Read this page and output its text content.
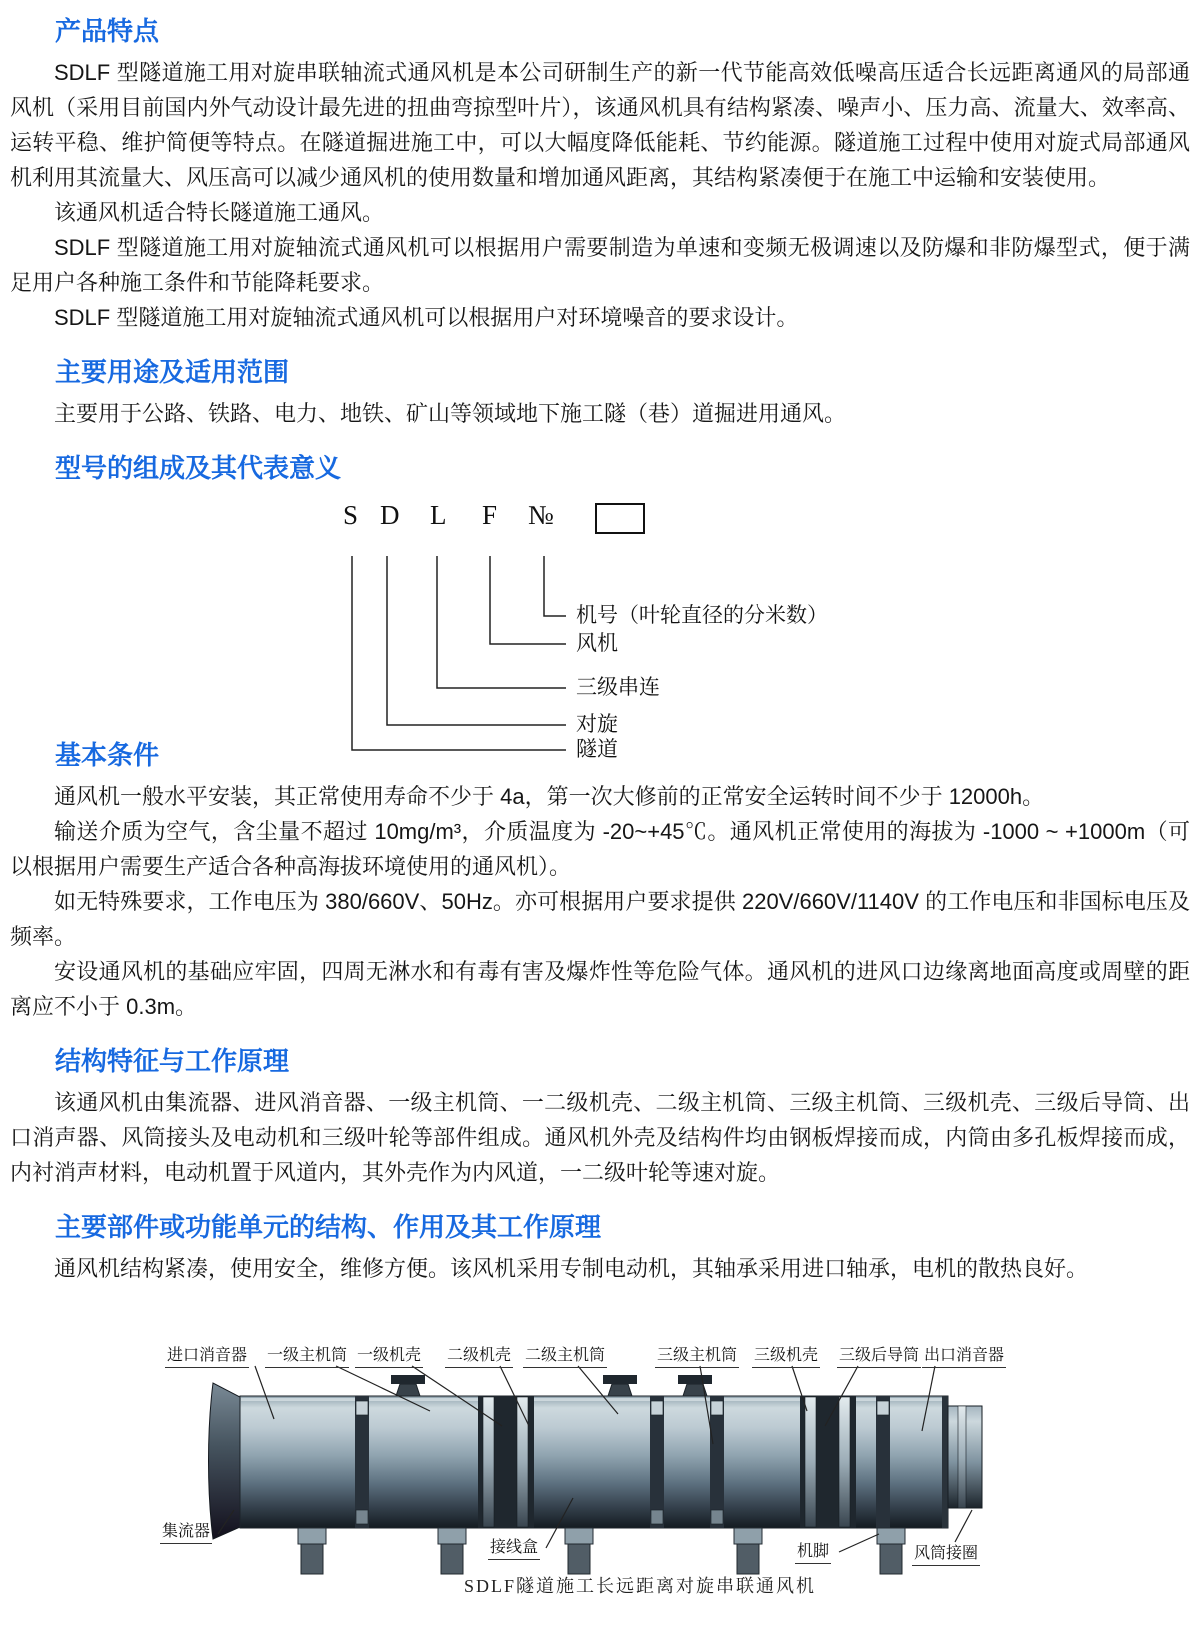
产品特点

SDLF 型隧道施工用对旋串联轴流式通风机是本公司研制生产的新一代节能高效低噪高压适合长远距离通风的局部通风机（采用目前国内外气动设计最先进的扭曲弯掠型叶片），该通风机具有结构紧凑、噪声小、压力高、流量大、效率高、运转平稳、维护简便等特点。在隧道掘进施工中，可以大幅度降低能耗、节约能源。隧道施工过程中使用对旋式局部通风机利用其流量大、风压高可以减少通风机的使用数量和增加通风距离，其结构紧凑便于在施工中运输和安装使用。

该通风机适合特长隧道施工通风。

SDLF 型隧道施工用对旋轴流式通风机可以根据用户需要制造为单速和变频无极调速以及防爆和非防爆型式，便于满足用户各种施工条件和节能降耗要求。

SDLF 型隧道施工用对旋轴流式通风机可以根据用户对环境噪音的要求设计。

主要用途及适用范围

主要用于公路、铁路、电力、地铁、矿山等领域地下施工隧（巷）道掘进用通风。

型号的组成及其代表意义
S D L F №
机号（叶轮直径的分米数）
风机
三级串连
对旋
隧道
基本条件

通风机一般水平安装，其正常使用寿命不少于 4a，第一次大修前的正常安全运转时间不少于 12000h。

输送介质为空气，含尘量不超过 10mg/m³，介质温度为 -20~+45℃。通风机正常使用的海拔为 -1000 ~ +1000m（可以根据用户需要生产适合各种高海拔环境使用的通风机）。

如无特殊要求，工作电压为 380/660V、50Hz。亦可根据用户要求提供 220V/660V/1140V 的工作电压和非国标电压及频率。

安设通风机的基础应牢固，四周无淋水和有毒有害及爆炸性等危险气体。通风机的进风口边缘离地面高度或周壁的距离应不小于 0.3m。

结构特征与工作原理

该通风机由集流器、进风消音器、一级主机筒、一二级机壳、二级主机筒、三级主机筒、三级机壳、三级后导筒、出口消声器、风筒接头及电动机和三级叶轮等部件组成。通风机外壳及结构件均由钢板焊接而成，内筒由多孔板焊接而成，内衬消声材料，电动机置于风道内，其外壳作为内风道，一二级叶轮等速对旋。

主要部件或功能单元的结构、作用及其工作原理

通风机结构紧凑，使用安全，维修方便。该风机采用专制电动机，其轴承采用进口轴承，电机的散热良好。

进口消音器 一级主机筒 一级机壳 二级机壳 二级主机筒	三级主机筒 三级机壳 三级后导筒 出口消音器
集流器
接线盒	机脚	风筒接圈
SDLF隧道施工长远距离对旋串联通风机
